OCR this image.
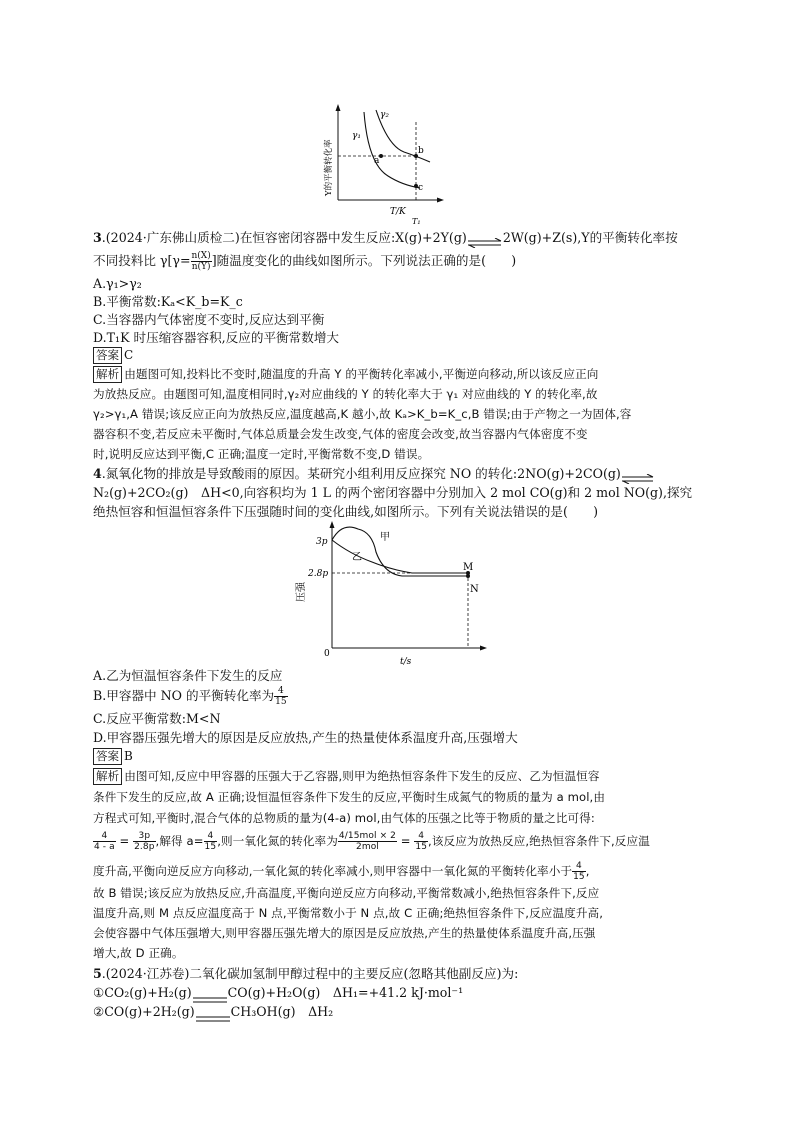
γ₁
γ₂
a
b
c
T/K
T₁
Y的平衡转化率
3.(2024·广东佛山质检二)在恒容密闭容器中发生反应:X(g)+2Y(g)⇌2W(g)+Z(s),Y的平衡转化率按
不同投料比 $\gamma[\gamma= \frac{n(X)}{n(Y)}$ ]随温度变化的曲线如图所示。下列说法正确的是(　　)
A.γ₁>γ₂
B.平衡常数:Kₐ<K_b=K_c
C.当容器内气体密度不变时,反应达到平衡
D.T₁K 时压缩容器容积,反应的平衡常数增大
答案 C
解析 由题图可知,投料比不变时,随温度的升高 Y 的平衡转化率减小,平衡逆向移动,所以该反应正向
为放热反应。由题图可知,温度相同时,γ₂对应曲线的 Y 的转化率大于 γ₁ 对应曲线的 Y 的转化率,故
γ₂>γ₁,A 错误;该反应正向为放热反应,温度越高,K 越小,故 Kₐ>K_b=K_c,B 错误;由于产物之一为固体,容
器容积不变,若反应未平衡时,气体总质量会发生改变,气体的密度会改变,故当容器内气体密度不变
时,说明反应达到平衡,C 正确;温度一定时,平衡常数不变,D 错误。
4.氮氧化物的排放是导致酸雨的原因。某研究小组利用反应探究 NO 的转化:2NO(g)+2CO(g)⇌
N₂(g)+2CO₂(g)　ΔH<0,向容积均为 1 L 的两个密闭容器中分别加入 2 mol CO(g)和 2 mol NO(g),探究
绝热恒容和恒温恒容条件下压强随时间的变化曲线,如图所示。下列有关说法错误的是(　　)
3p
2.8p
0
甲
乙
M
N
t/s
压强
A.乙为恒温恒容条件下发生的反应
B.甲容器中 NO 的平衡转化率为 $\frac{4}{15}$
C.反应平衡常数:M<N
D.甲容器压强先增大的原因是反应放热,产生的热量使体系温度升高,压强增大
答案 B
解析 由图可知,反应中甲容器的压强大于乙容器,则甲为绝热恒容条件下发生的反应、乙为恒温恒容
条件下发生的反应,故 A 正确;设恒温恒容条件下发生的反应,平衡时生成氮气的物质的量为 a mol,由
方程式可知,平衡时,混合气体的总物质的量为(4-a) mol,由气体的压强之比等于物质的量之比可得:
$\frac{4}{4 - a} = \frac{3p}{2.8p}$ ,解得 $a= \frac{4}{15}$ ,则一氧化氮的转化率为 $\frac{\text{4/15mol × 2}}{\text{2mol}} = \frac{4}{15}$ ,该反应为放热反应,绝热恒容条件下,反应温
度升高,平衡向逆反应方向移动,一氧化氮的转化率减小,则甲容器中一氧化氮的平衡转化率小于 $\frac{4}{15}$ ,
故 B 错误;该反应为放热反应,升高温度,平衡向逆反应方向移动,平衡常数减小,绝热恒容条件下,反应
温度升高,则 M 点反应温度高于 N 点,平衡常数小于 N 点,故 C 正确;绝热恒容条件下,反应温度升高,
会使容器中气体压强增大,则甲容器压强先增大的原因是反应放热,产生的热量使体系温度升高,压强
增大,故 D 正确。
5.(2024·江苏卷)二氧化碳加氢制甲醇过程中的主要反应(忽略其他副反应)为:
①CO₂(g)+H₂(g)	CO(g)+H₂O(g)　ΔH₁=+41.2 kJ·mol⁻¹
②CO(g)+2H₂(g)	CH₃OH(g)　ΔH₂
